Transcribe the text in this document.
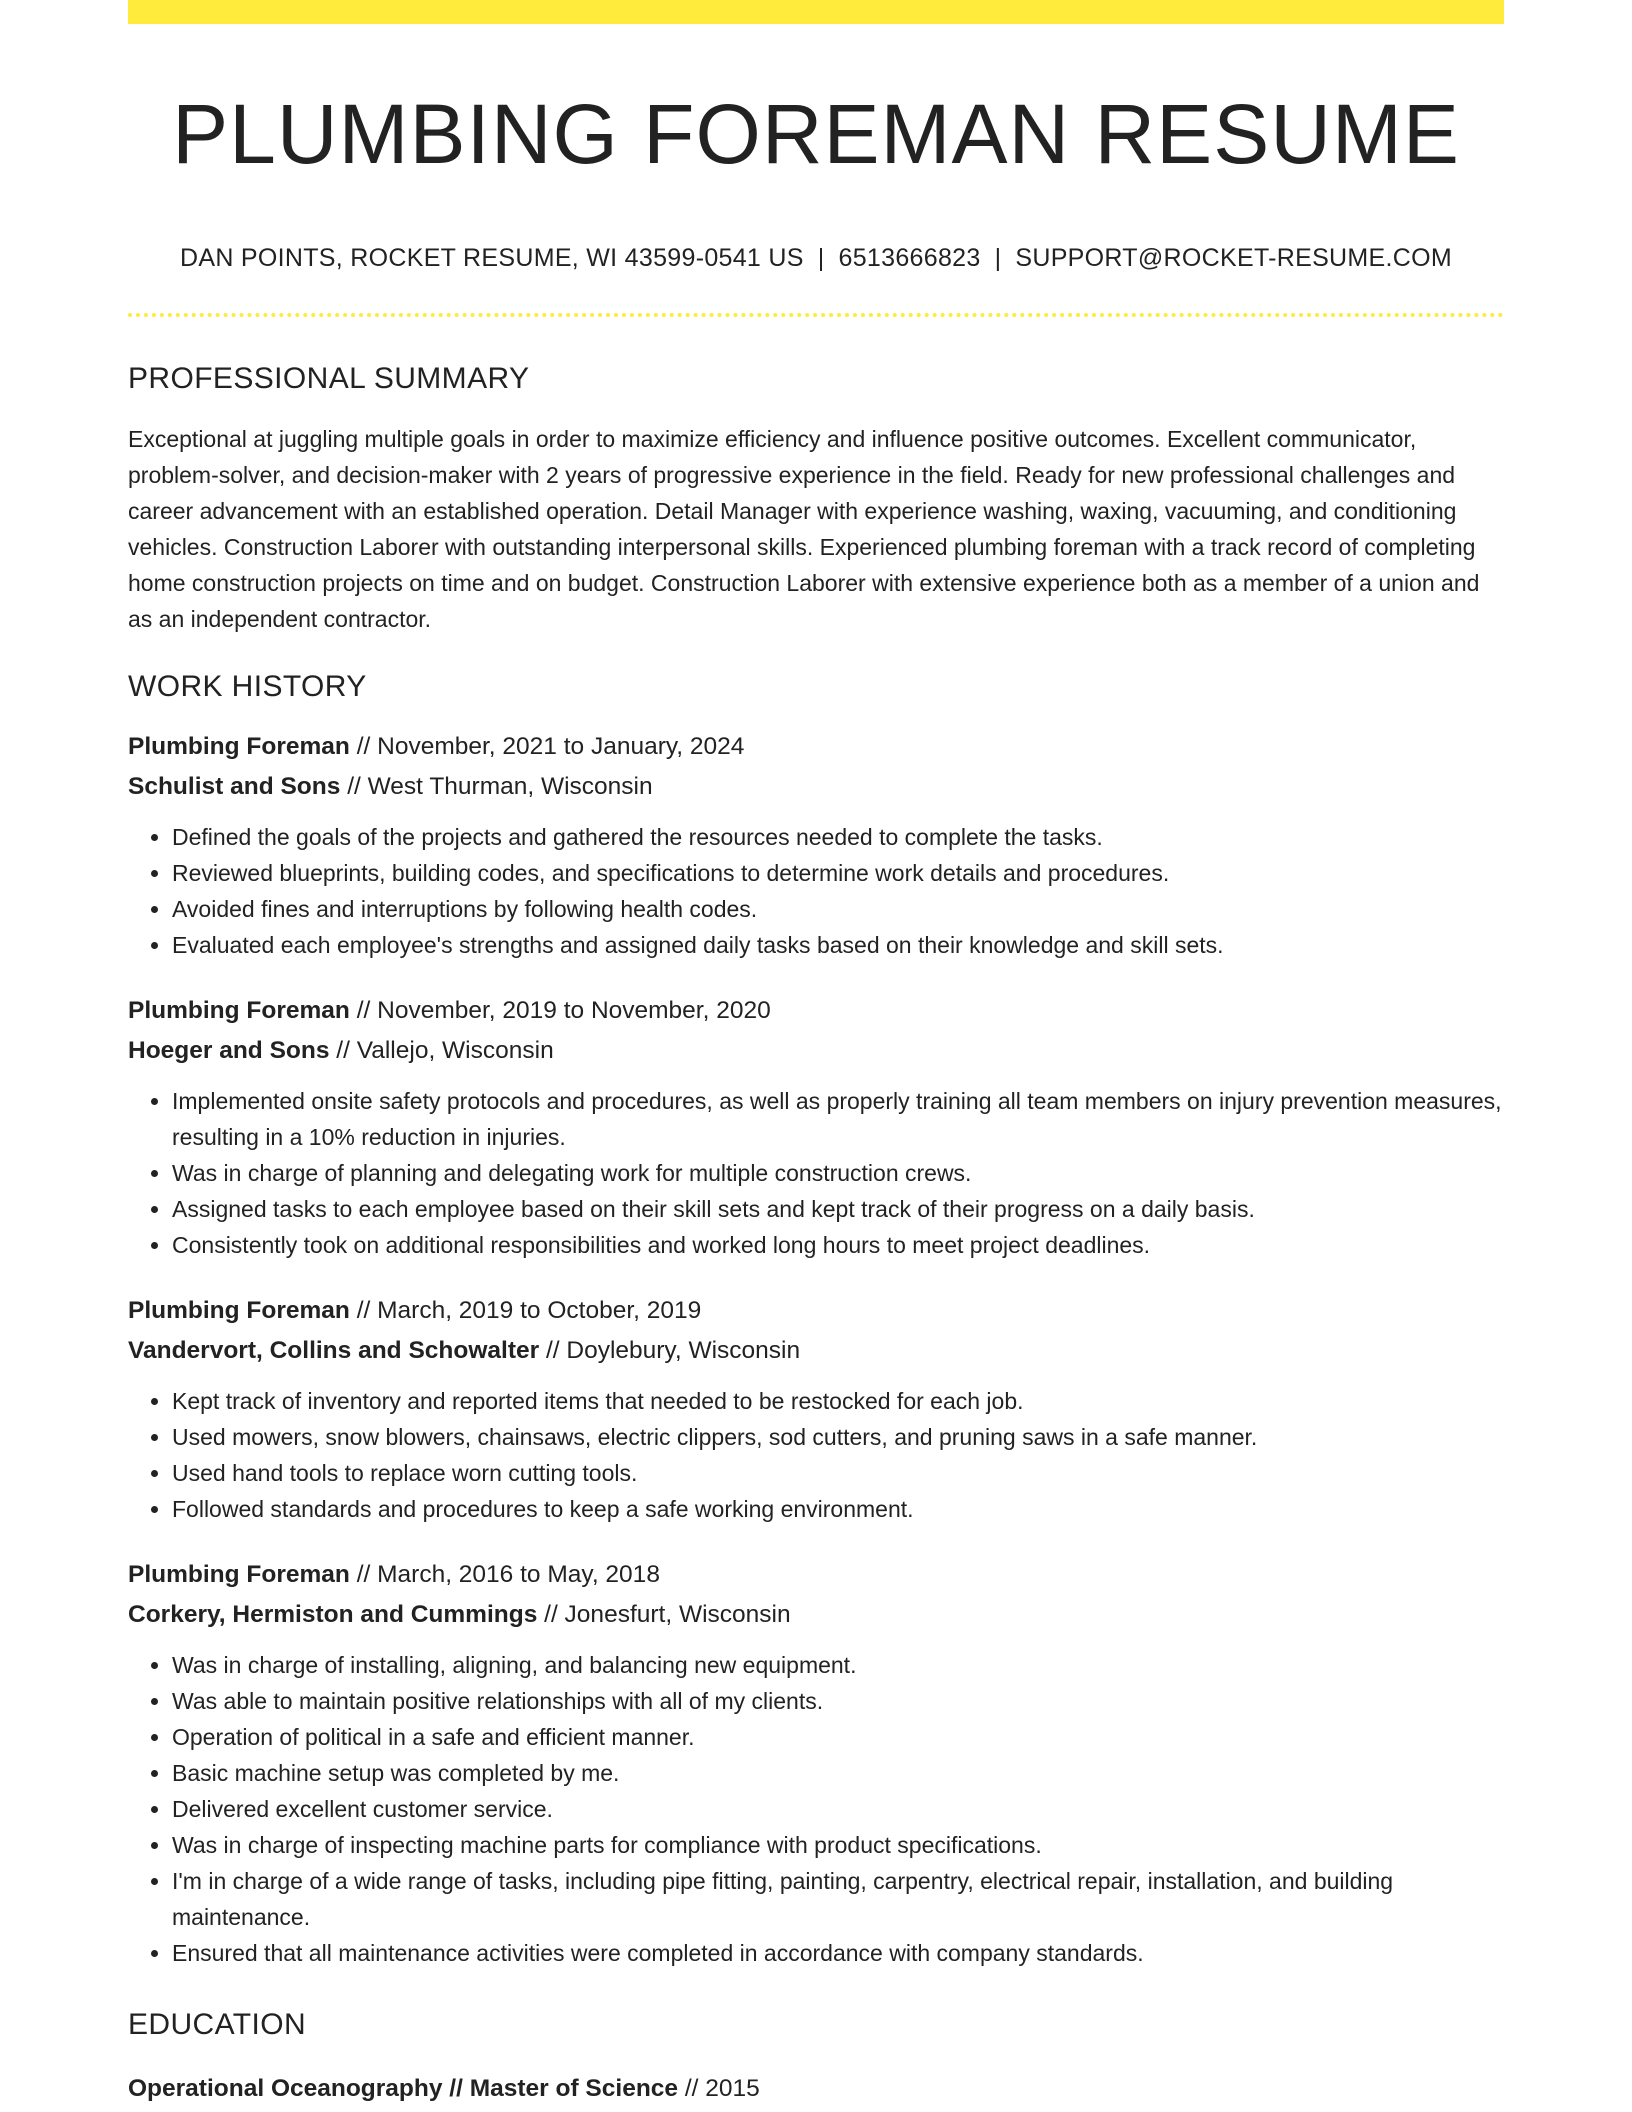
PLUMBING FOREMAN RESUME
DAN POINTS, ROCKET RESUME, WI 43599-0541 US | 6513666823 | SUPPORT@ROCKET-RESUME.COM
PROFESSIONAL SUMMARY

Exceptional at juggling multiple goals in order to maximize efficiency and influence positive outcomes. Excellent communicator, problem-solver, and decision-maker with 2 years of progressive experience in the field. Ready for new professional challenges and career advancement with an established operation. Detail Manager with experience washing, waxing, vacuuming, and conditioning vehicles. Construction Laborer with outstanding interpersonal skills. Experienced plumbing foreman with a track record of completing home construction projects on time and on budget. Construction Laborer with extensive experience both as a member of a union and as an independent contractor.

WORK HISTORY
Plumbing Foreman // November, 2021 to January, 2024
Schulist and Sons // West Thurman, Wisconsin
• Defined the goals of the projects and gathered the resources needed to complete the tasks.
• Reviewed blueprints, building codes, and specifications to determine work details and procedures.
• Avoided fines and interruptions by following health codes.
• Evaluated each employee's strengths and assigned daily tasks based on their knowledge and skill sets.
Plumbing Foreman // November, 2019 to November, 2020
Hoeger and Sons // Vallejo, Wisconsin
• Implemented onsite safety protocols and procedures, as well as properly training all team members on injury prevention measures, resulting in a 10% reduction in injuries.
• Was in charge of planning and delegating work for multiple construction crews.
• Assigned tasks to each employee based on their skill sets and kept track of their progress on a daily basis.
• Consistently took on additional responsibilities and worked long hours to meet project deadlines.
Plumbing Foreman // March, 2019 to October, 2019
Vandervort, Collins and Schowalter // Doylebury, Wisconsin
• Kept track of inventory and reported items that needed to be restocked for each job.
• Used mowers, snow blowers, chainsaws, electric clippers, sod cutters, and pruning saws in a safe manner.
• Used hand tools to replace worn cutting tools.
• Followed standards and procedures to keep a safe working environment.
Plumbing Foreman // March, 2016 to May, 2018
Corkery, Hermiston and Cummings // Jonesfurt, Wisconsin
• Was in charge of installing, aligning, and balancing new equipment.
• Was able to maintain positive relationships with all of my clients.
• Operation of political in a safe and efficient manner.
• Basic machine setup was completed by me.
• Delivered excellent customer service.
• Was in charge of inspecting machine parts for compliance with product specifications.
• I'm in charge of a wide range of tasks, including pipe fitting, painting, carpentry, electrical repair, installation, and building maintenance.
• Ensured that all maintenance activities were completed in accordance with company standards.
EDUCATION
Operational Oceanography // Master of Science // 2015
